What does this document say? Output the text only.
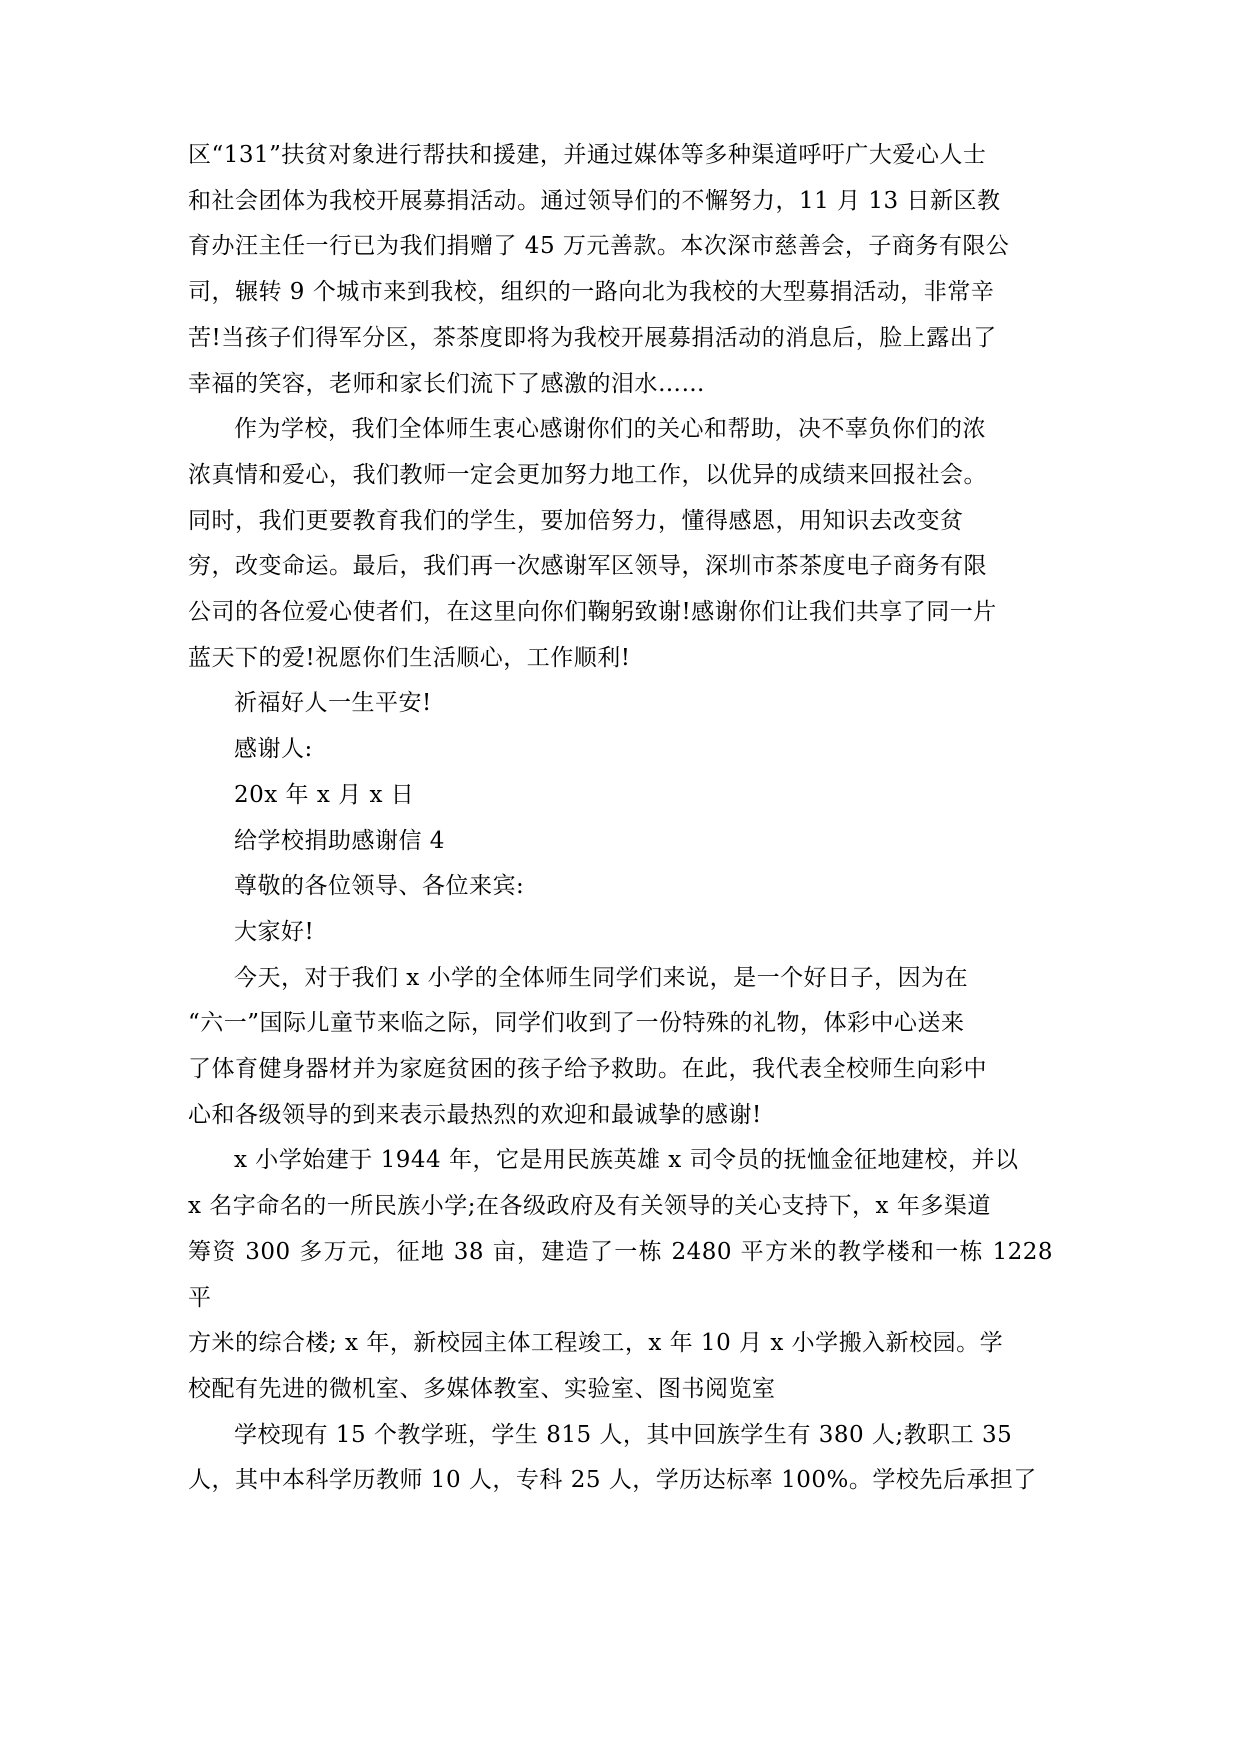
区“131”扶贫对象进行帮扶和援建，并通过媒体等多种渠道呼吁广大爱心人士
和社会团体为我校开展募捐活动。通过领导们的不懈努力，11 月 13 日新区教
育办汪主任一行已为我们捐赠了 45 万元善款。本次深市慈善会，子商务有限公
司，辗转 9 个城市来到我校，组织的一路向北为我校的大型募捐活动，非常辛
苦!当孩子们得军分区，茶茶度即将为我校开展募捐活动的消息后，脸上露出了
幸福的笑容，老师和家长们流下了感激的泪水……

作为学校，我们全体师生衷心感谢你们的关心和帮助，决不辜负你们的浓
浓真情和爱心，我们教师一定会更加努力地工作，以优异的成绩来回报社会。
同时，我们更要教育我们的学生，要加倍努力，懂得感恩，用知识去改变贫
穷，改变命运。最后，我们再一次感谢军区领导，深圳市茶茶度电子商务有限
公司的各位爱心使者们，在这里向你们鞠躬致谢!感谢你们让我们共享了同一片
蓝天下的爱!祝愿你们生活顺心，工作顺利!

祈福好人一生平安!

感谢人:

20x 年 x 月 x 日

给学校捐助感谢信 4

尊敬的各位领导、各位来宾:

大家好!

今天，对于我们 x 小学的全体师生同学们来说，是一个好日子，因为在
“六一”国际儿童节来临之际，同学们收到了一份特殊的礼物，体彩中心送来
了体育健身器材并为家庭贫困的孩子给予救助。在此，我代表全校师生向彩中
心和各级领导的到来表示最热烈的欢迎和最诚挚的感谢!

x 小学始建于 1944 年，它是用民族英雄 x 司令员的抚恤金征地建校，并以
x 名字命名的一所民族小学;在各级政府及有关领导的关心支持下，x 年多渠道
筹资 300 多万元，征地 38 亩，建造了一栋 2480 平方米的教学楼和一栋 1228 平
方米的综合楼; x 年，新校园主体工程竣工，x 年 10 月 x 小学搬入新校园。学
校配有先进的微机室、多媒体教室、实验室、图书阅览室

学校现有 15 个教学班，学生 815 人，其中回族学生有 380 人;教职工 35
人，其中本科学历教师 10 人，专科 25 人，学历达标率 100%。学校先后承担了
